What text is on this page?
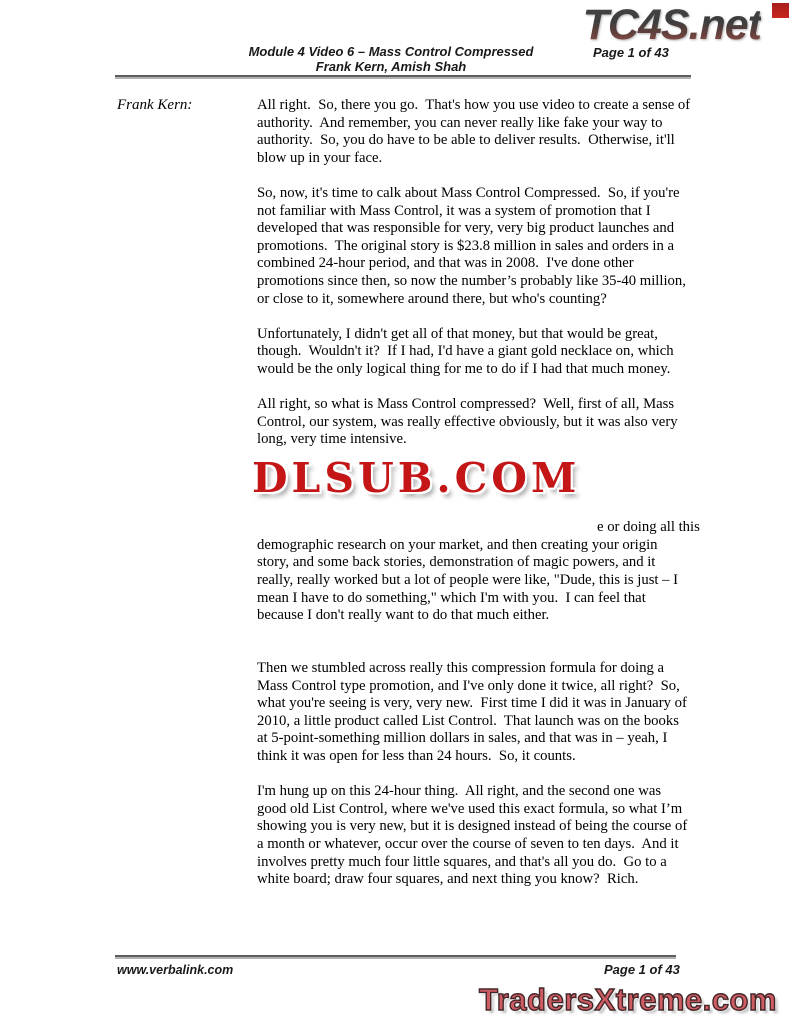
TC4S.net
Module 4 Video 6 – Mass Control Compressed
Frank Kern, Amish Shah
Page 1 of 43
Frank Kern:	All right.  So, there you go.  That's how you use video to create a sense of authority.  And remember, you can never really like fake your way to authority.  So, you do have to be able to deliver results.  Otherwise, it'll blow up in your face.

So, now, it's time to calk about Mass Control Compressed.  So, if you're not familiar with Mass Control, it was a system of promotion that I developed that was responsible for very, very big product launches and promotions.  The original story is $23.8 million in sales and orders in a combined 24-hour period, and that was in 2008.  I've done other promotions since then, so now the number’s probably like 35-40 million, or close to it, somewhere around there, but who's counting?

Unfortunately, I didn't get all of that money, but that would be great, though.  Wouldn't it?  If I had, I'd have a giant gold necklace on, which would be the only logical thing for me to do if I had that much money.

All right, so what is Mass Control compressed?  Well, first of all, Mass Control, our system, was really effective obviously, but it was also very long, very time intensive.

DLSUB.COM

e or doing all this
demographic research on your market, and then creating your origin story, and some back stories, demonstration of magic powers, and it really, really worked but a lot of people were like, "Dude, this is just – I mean I have to do something," which I'm with you.  I can feel that because I don't really want to do that much either.

Then we stumbled across really this compression formula for doing a Mass Control type promotion, and I've only done it twice, all right?  So, what you're seeing is very, very new.  First time I did it was in January of 2010, a little product called List Control.  That launch was on the books at 5-point-something million dollars in sales, and that was in – yeah, I think it was open for less than 24 hours.  So, it counts.

I'm hung up on this 24-hour thing.  All right, and the second one was good old List Control, where we've used this exact formula, so what I’m showing you is very new, but it is designed instead of being the course of a month or whatever, occur over the course of seven to ten days.  And it involves pretty much four little squares, and that's all you do.  Go to a white board; draw four squares, and next thing you know?  Rich.

www.verbalink.com	Page 1 of 43
TradersXtreme.com
